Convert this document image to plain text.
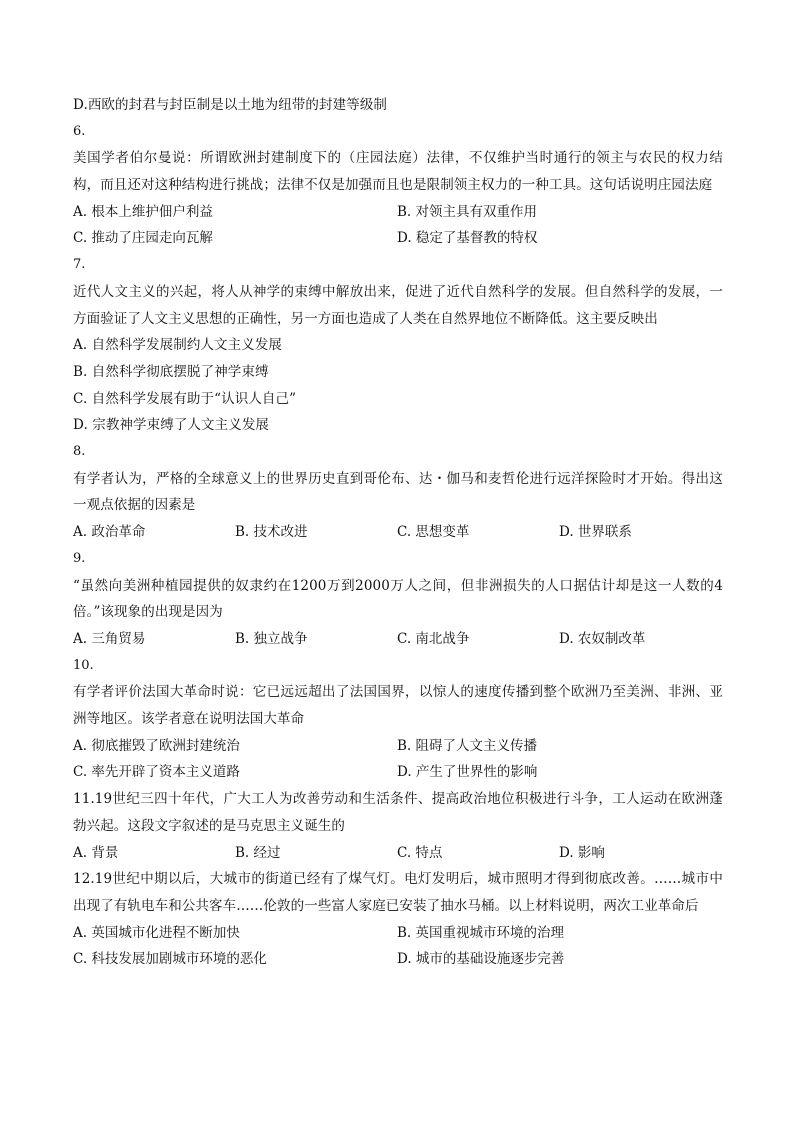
D.西欧的封君与封臣制是以土地为纽带的封建等级制
6.
美国学者伯尔曼说：所谓欧洲封建制度下的（庄园法庭）法律，不仅维护当时通行的领主与农民的权力结构，而且还对这种结构进行挑战；法律不仅是加强而且也是限制领主权力的一种工具。这句话说明庄园法庭
A. 根本上维护佃户利益	B. 对领主具有双重作用
C. 推动了庄园走向瓦解	D. 稳定了基督教的特权
7.
近代人文主义的兴起，将人从神学的束缚中解放出来，促进了近代自然科学的发展。但自然科学的发展，一方面验证了人文主义思想的正确性，另一方面也造成了人类在自然界地位不断降低。这主要反映出
A. 自然科学发展制约人文主义发展
B. 自然科学彻底摆脱了神学束缚
C. 自然科学发展有助于“认识人自己”
D. 宗教神学束缚了人文主义发展
8.
有学者认为，严格的全球意义上的世界历史直到哥伦布、达・伽马和麦哲伦进行远洋探险时才开始。得出这一观点依据的因素是
A. 政治革命	B. 技术改进	C. 思想变革	D. 世界联系
9.
“虽然向美洲种植园提供的奴隶约在1200万到2000万人之间，但非洲损失的人口据估计却是这一人数的4倍。”该现象的出现是因为
A. 三角贸易	B. 独立战争	C. 南北战争	D. 农奴制改革
10.
有学者评价法国大革命时说：它已远远超出了法国国界，以惊人的速度传播到整个欧洲乃至美洲、非洲、亚洲等地区。该学者意在说明法国大革命
A. 彻底摧毁了欧洲封建统治	B. 阻碍了人文主义传播
C. 率先开辟了资本主义道路	D. 产生了世界性的影响
11.19世纪三四十年代，广大工人为改善劳动和生活条件、提高政治地位积极进行斗争，工人运动在欧洲蓬勃兴起。这段文字叙述的是马克思主义诞生的
A. 背景	B. 经过	C. 特点	D. 影响
12.19世纪中期以后，大城市的街道已经有了煤气灯。电灯发明后，城市照明才得到彻底改善。……城市中出现了有轨电车和公共客车……伦敦的一些富人家庭已安装了抽水马桶。以上材料说明，两次工业革命后
A. 英国城市化进程不断加快	B. 英国重视城市环境的治理
C. 科技发展加剧城市环境的恶化	D. 城市的基础设施逐步完善
